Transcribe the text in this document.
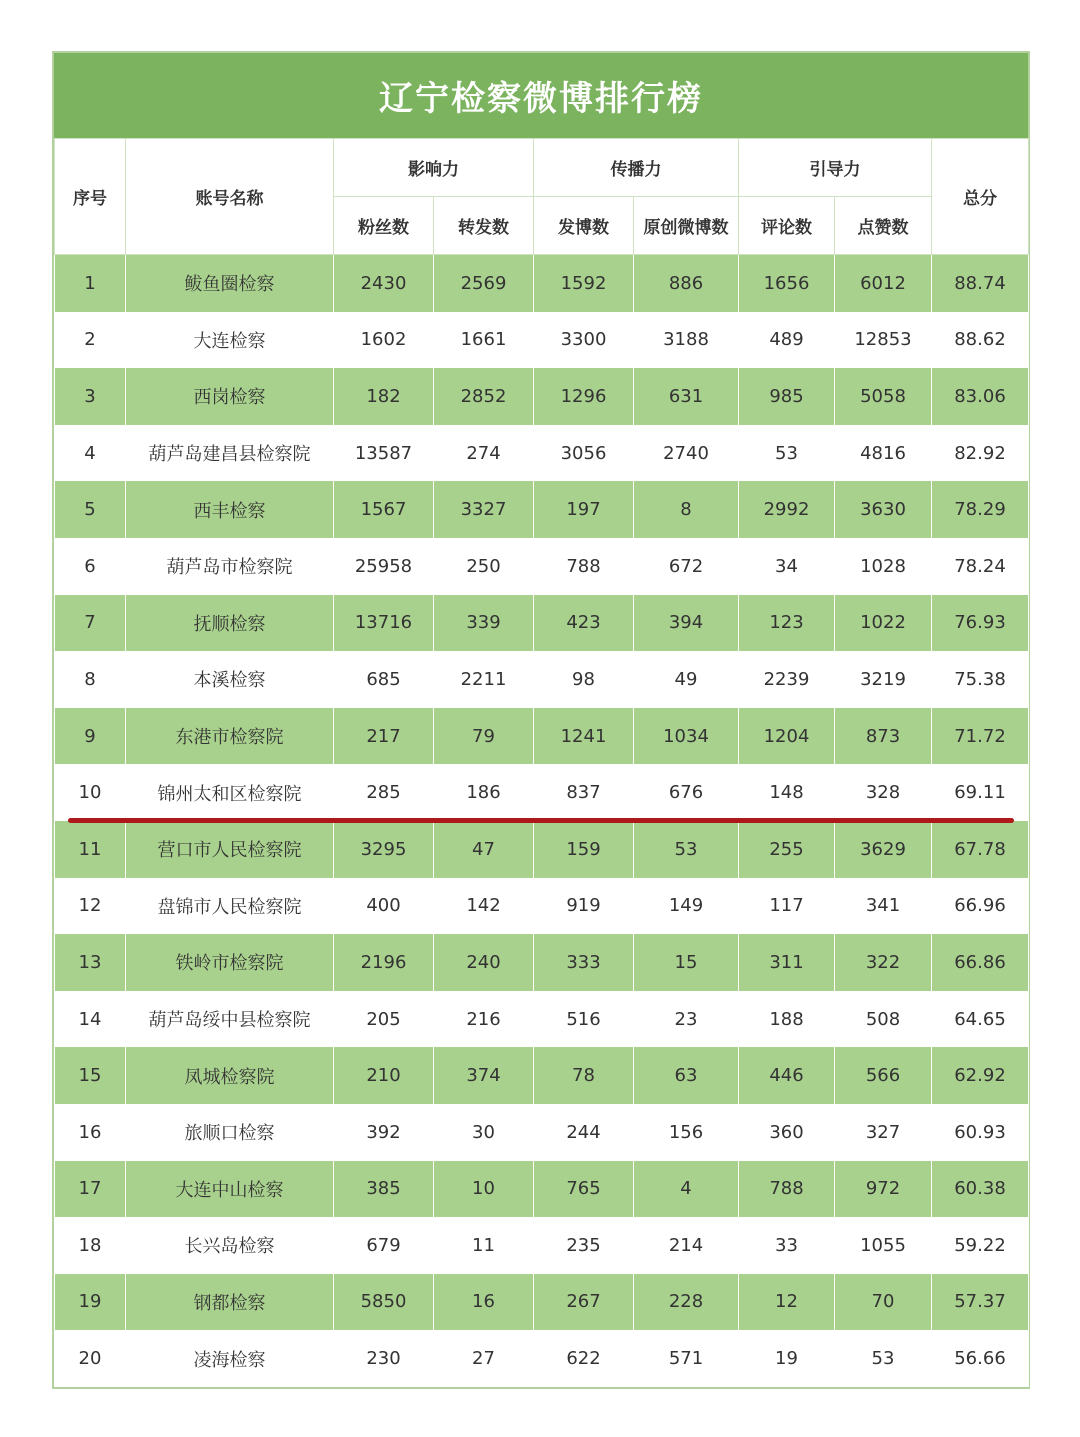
辽宁检察微博排行榜
序号	账号名称	影响力		传播力		引导力		总分
		粉丝数	转发数	发博数	原创微博数	评论数	点赞数	
1	鲅鱼圈检察	2430	2569	1592	886	1656	6012	88.74
2	大连检察	1602	1661	3300	3188	489	12853	88.62
3	西岗检察	182	2852	1296	631	985	5058	83.06
4	葫芦岛建昌县检察院	13587	274	3056	2740	53	4816	82.92
5	西丰检察	1567	3327	197	8	2992	3630	78.29
6	葫芦岛市检察院	25958	250	788	672	34	1028	78.24
7	抚顺检察	13716	339	423	394	123	1022	76.93
8	本溪检察	685	2211	98	49	2239	3219	75.38
9	东港市检察院	217	79	1241	1034	1204	873	71.72
10	锦州太和区检察院	285	186	837	676	148	328	69.11
11	营口市人民检察院	3295	47	159	53	255	3629	67.78
12	盘锦市人民检察院	400	142	919	149	117	341	66.96
13	铁岭市检察院	2196	240	333	15	311	322	66.86
14	葫芦岛绥中县检察院	205	216	516	23	188	508	64.65
15	凤城检察院	210	374	78	63	446	566	62.92
16	旅顺口检察	392	30	244	156	360	327	60.93
17	大连中山检察	385	10	765	4	788	972	60.38
18	长兴岛检察	679	11	235	214	33	1055	59.22
19	钢都检察	5850	16	267	228	12	70	57.37
20	凌海检察	230	27	622	571	19	53	56.66
